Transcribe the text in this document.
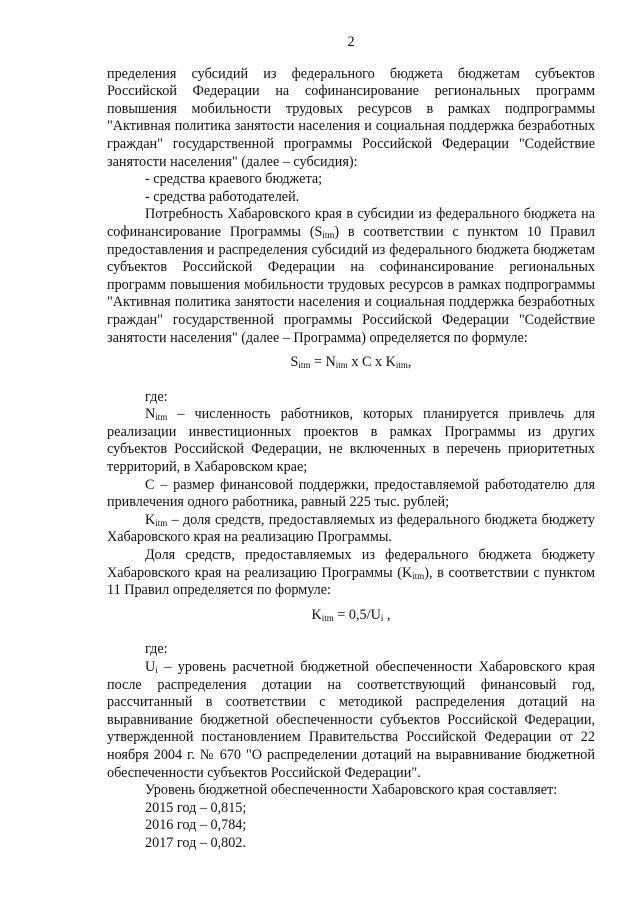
2

пределения субсидий из федерального бюджета бюджетам субъектов Российской Федерации на софинансирование региональных программ повышения мобильности трудовых ресурсов в рамках подпрограммы "Активная политика занятости населения и социальная поддержка безработных граждан" государственной программы Российской Федерации "Содействие занятости населения" (далее – субсидия):

- средства краевого бюджета;

- средства работодателей.

Потребность Хабаровского края в субсидии из федерального бюджета на софинансирование Программы $(S_{itm})$ в соответствии с пунктом 10 Правил предоставления и распределения субсидий из федерального бюджета бюджетам субъектов Российской Федерации на софинансирование региональных программ повышения мобильности трудовых ресурсов в рамках подпрограммы "Активная политика занятости населения и социальная поддержка безработных граждан" государственной программы Российской Федерации "Содействие занятости населения" (далее – Программа) определяется по формуле:

$S_{itm} = N_{itm}$ x C x $K_{itm}$,

где:

$N_{itm}$ – численность работников, которых планируется привлечь для реализации инвестиционных проектов в рамках Программы из других субъектов Российской Федерации, не включенных в перечень приоритетных территорий, в Хабаровском крае;

С – размер финансовой поддержки, предоставляемой работодателю для привлечения одного работника, равный 225 тыс. рублей;

$K_{itm}$ – доля средств, предоставляемых из федерального бюджета бюджету Хабаровского края на реализацию Программы.

Доля средств, предоставляемых из федерального бюджета бюджету Хабаровского края на реализацию Программы $(K_{itm})$, в соответствии с пунктом 11 Правил определяется по формуле:

$K_{itm} = 0,5/U_i$ ,

где:

$U_i$ – уровень расчетной бюджетной обеспеченности Хабаровского края после распределения дотации на соответствующий финансовый год, рассчитанный в соответствии с методикой распределения дотаций на выравнивание бюджетной обеспеченности субъектов Российской Федерации, утвержденной постановлением Правительства Российской Федерации от 22 ноября 2004 г. № 670 "О распределении дотаций на выравнивание бюджетной обеспеченности субъектов Российской Федерации".

Уровень бюджетной обеспеченности Хабаровского края составляет:

2015 год – 0,815;

2016 год – 0,784;

2017 год – 0,802.
